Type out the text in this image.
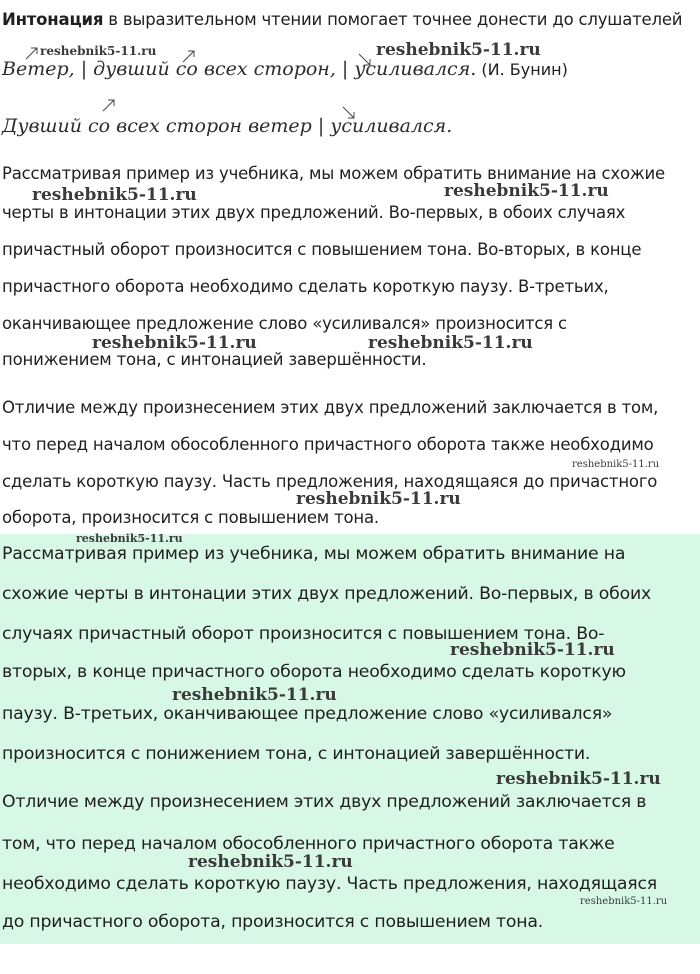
Интонация в выразительном чтении помогает точнее донести до слушателей
Ветер, | дувший со всех сторон, | усиливался. (И. Бунин)
Дувший со всех сторон ветер | усиливался.
Рассматривая пример из учебника, мы можем обратить внимание на схожие
черты в интонации этих двух предложений. Во-первых, в обоих случаях
причастный оборот произносится с повышением тона. Во-вторых, в конце
причастного оборота необходимо сделать короткую паузу. В-третьих,
оканчивающее предложение слово «усиливался» произносится с
понижением тона, с интонацией завершённости.
Отличие между произнесением этих двух предложений заключается в том,
что перед началом обособленного причастного оборота также необходимо
сделать короткую паузу. Часть предложения, находящаяся до причастного
оборота, произносится с повышением тона.
Рассматривая пример из учебника, мы можем обратить внимание на
схожие черты в интонации этих двух предложений. Во-первых, в обоих
случаях причастный оборот произносится с повышением тона. Во-
вторых, в конце причастного оборота необходимо сделать короткую
паузу. В-третьих, оканчивающее предложение слово «усиливался»
произносится с понижением тона, с интонацией завершённости.
Отличие между произнесением этих двух предложений заключается в
том, что перед началом обособленного причастного оборота также
необходимо сделать короткую паузу. Часть предложения, находящаяся
до причастного оборота, произносится с повышением тона.
reshebnik5-11.ru	reshebnik5-11.ru
reshebnik5-11.ru	reshebnik5-11.ru
reshebnik5-11.ru	reshebnik5-11.ru
reshebnik5-11.ru
reshebnik5-11.ru
reshebnik5-11.ru
reshebnik5-11.ru
reshebnik5-11.ru
reshebnik5-11.ru
reshebnik5-11.ru
reshebnik5-11.ru
